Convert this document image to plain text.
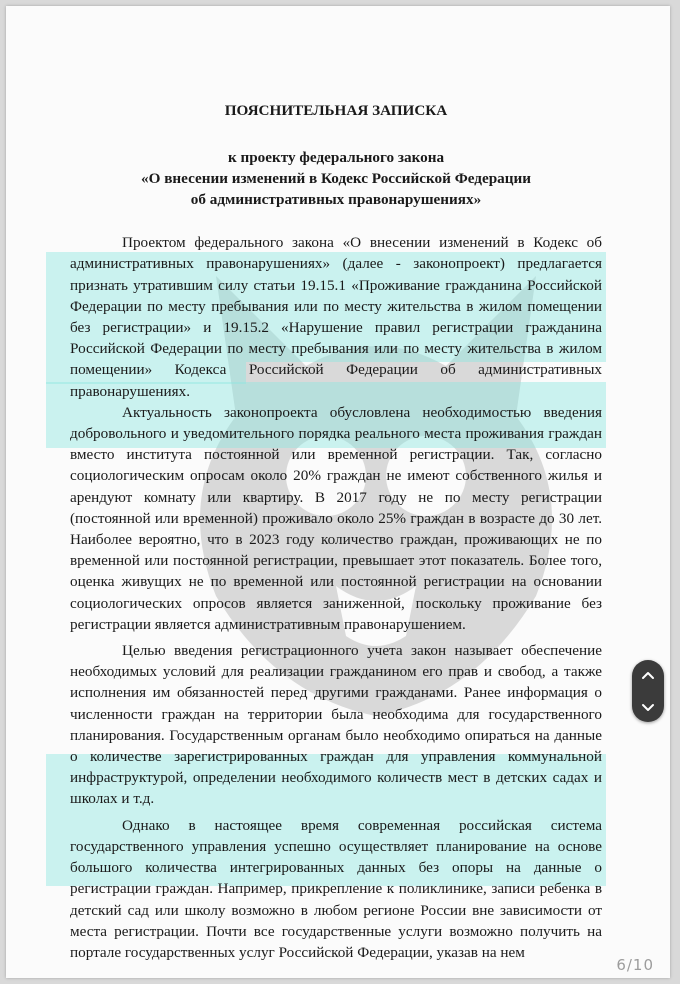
ПОЯСНИТЕЛЬНАЯ ЗАПИСКА
к проекту федерального закона
«О внесении изменений в Кодекс Российской Федерации
об административных правонарушениях»

Проектом федерального закона «О внесении изменений в Кодекс об административных правонарушениях» (далее - законопроект) предлагается признать утратившим силу статьи 19.15.1 «Проживание гражданина Российской Федерации по месту пребывания или по месту жительства в жилом помещении без регистрации» и 19.15.2 «Нарушение правил регистрации гражданина Российской Федерации по месту пребывания или по месту жительства в жилом помещении» Кодекса Российской Федерации об административных правонарушениях.

Актуальность законопроекта обусловлена необходимостью введения добровольного и уведомительного порядка реального места проживания граждан вместо института постоянной или временной регистрации. Так, согласно социологическим опросам около 20% граждан не имеют собственного жилья и арендуют комнату или квартиру. В 2017 году не по месту регистрации (постоянной или временной) проживало около 25% граждан в возрасте до 30 лет. Наиболее вероятно, что в 2023 году количество граждан, проживающих не по временной или постоянной регистрации, превышает этот показатель. Более того, оценка живущих не по временной или постоянной регистрации на основании социологических опросов является заниженной, поскольку проживание без регистрации является административным правонарушением.

Целью введения регистрационного учета закон называет обеспечение необходимых условий для реализации гражданином его прав и свобод, а также исполнения им обязанностей перед другими гражданами. Ранее информация о численности граждан на территории была необходима для государственного планирования. Государственным органам было необходимо опираться на данные о количестве зарегистрированных граждан для управления коммунальной инфраструктурой, определении необходимого количеств мест в детских садах и школах и т.д.

Однако в настоящее время современная российская система государственного управления успешно осуществляет планирование на основе большого количества интегрированных данных без опоры на данные о регистрации граждан. Например, прикрепление к поликлинике, записи ребенка в детский сад или школу возможно в любом регионе России вне зависимости от места регистрации. Почти все государственные услуги возможно получить на портале государственных услуг Российской Федерации, указав на нем

6/10
